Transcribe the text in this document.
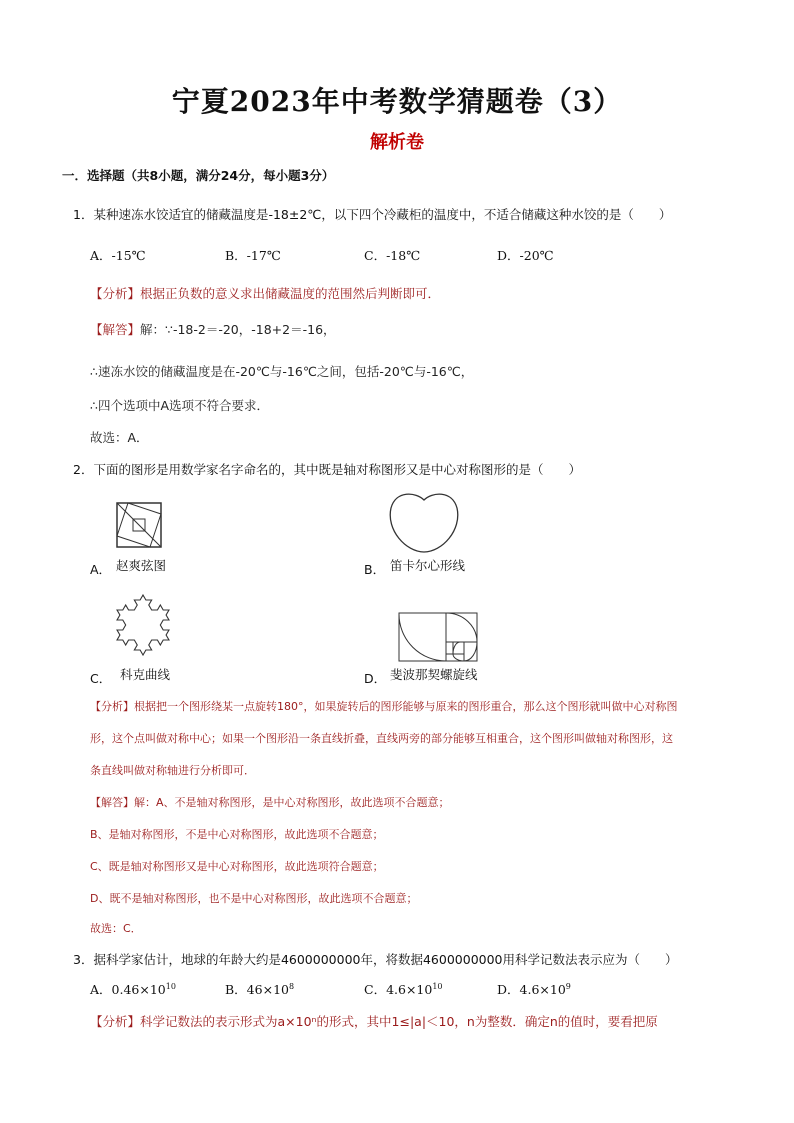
宁夏2023年中考数学猜题卷（3）
解析卷
一．选择题（共8小题，满分24分，每小题3分）
1．某种速冻水饺适宜的储藏温度是-18±2℃，以下四个冷藏柜的温度中，不适合储藏这种水饺的是（　　）
A．-15℃	B．-17℃	C．-18℃	D．-20℃
【分析】根据正负数的意义求出储藏温度的范围然后判断即可．
【解答】解：∵-18-2＝-20，-18+2＝-16，
∴速冻水饺的储藏温度是在-20℃与-16℃之间，包括-20℃与-16℃，
∴四个选项中A选项不符合要求．
故选：A．
2．下面的图形是用数学家名字命名的，其中既是轴对称图形又是中心对称图形的是（　　）
A． 赵爽弦图	B． 笛卡尔心形线
C． 科克曲线	D． 斐波那契螺旋线
【分析】根据把一个图形绕某一点旋转180°，如果旋转后的图形能够与原来的图形重合，那么这个图形就叫做中心对称图
形，这个点叫做对称中心；如果一个图形沿一条直线折叠，直线两旁的部分能够互相重合，这个图形叫做轴对称图形，这
条直线叫做对称轴进行分析即可．
【解答】解：A、不是轴对称图形，是中心对称图形，故此选项不合题意；
B、是轴对称图形，不是中心对称图形，故此选项不合题意；
C、既是轴对称图形又是中心对称图形，故此选项符合题意；
D、既不是轴对称图形，也不是中心对称图形，故此选项不合题意；
故选：C．
3．据科学家估计，地球的年龄大约是4600000000年，将数据4600000000用科学记数法表示应为（　　）
A．$0.46\times 10^{10}$	B．$46\times 10^8$	C．$4.6\times 10^{10}$	D．$4.6\times 10^9$
【分析】科学记数法的表示形式为a×10ⁿ的形式，其中1≤|a|＜10，n为整数．确定n的值时，要看把原
